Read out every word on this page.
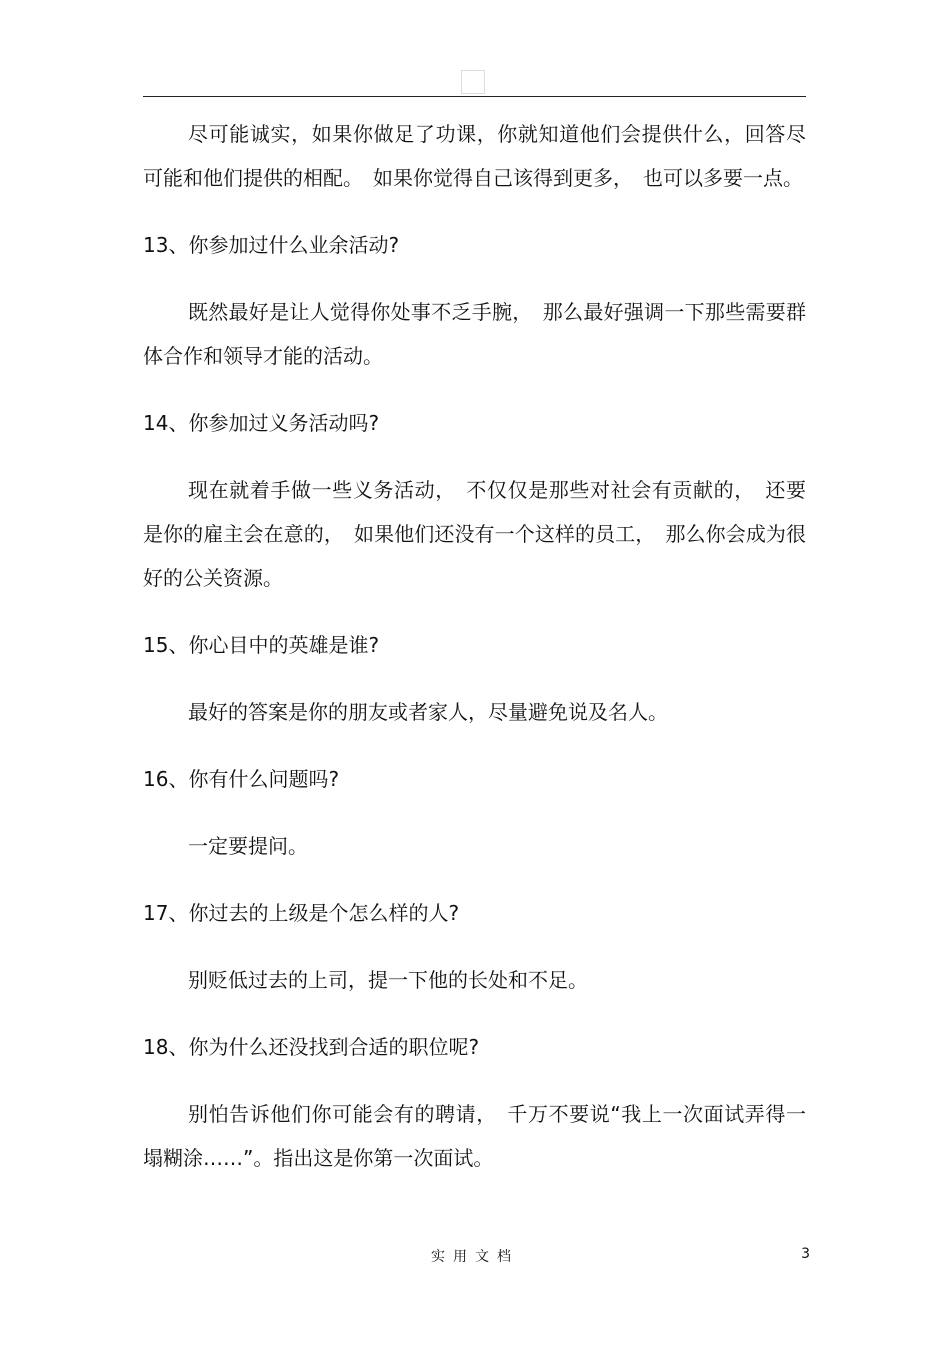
尽可能诚实，如果你做足了功课，你就知道他们会提供什么，回答尽可能和他们提供的相配。　如果你觉得自己该得到更多，　也可以多要一点。

13、你参加过什么业余活动?

既然最好是让人觉得你处事不乏手腕，　那么最好强调一下那些需要群体合作和领导才能的活动。

14、你参加过义务活动吗?

现在就着手做一些义务活动，　不仅仅是那些对社会有贡献的，　还要是你的雇主会在意的，　如果他们还没有一个这样的员工，　那么你会成为很好的公关资源。

15、你心目中的英雄是谁?

最好的答案是你的朋友或者家人，尽量避免说及名人。

16、你有什么问题吗?

一定要提问。

17、你过去的上级是个怎么样的人?

别贬低过去的上司，提一下他的长处和不足。

18、你为什么还没找到合适的职位呢?

别怕告诉他们你可能会有的聘请，　千万不要说“我上一次面试弄得一塌糊涂……”。指出这是你第一次面试。

实用文档	3
